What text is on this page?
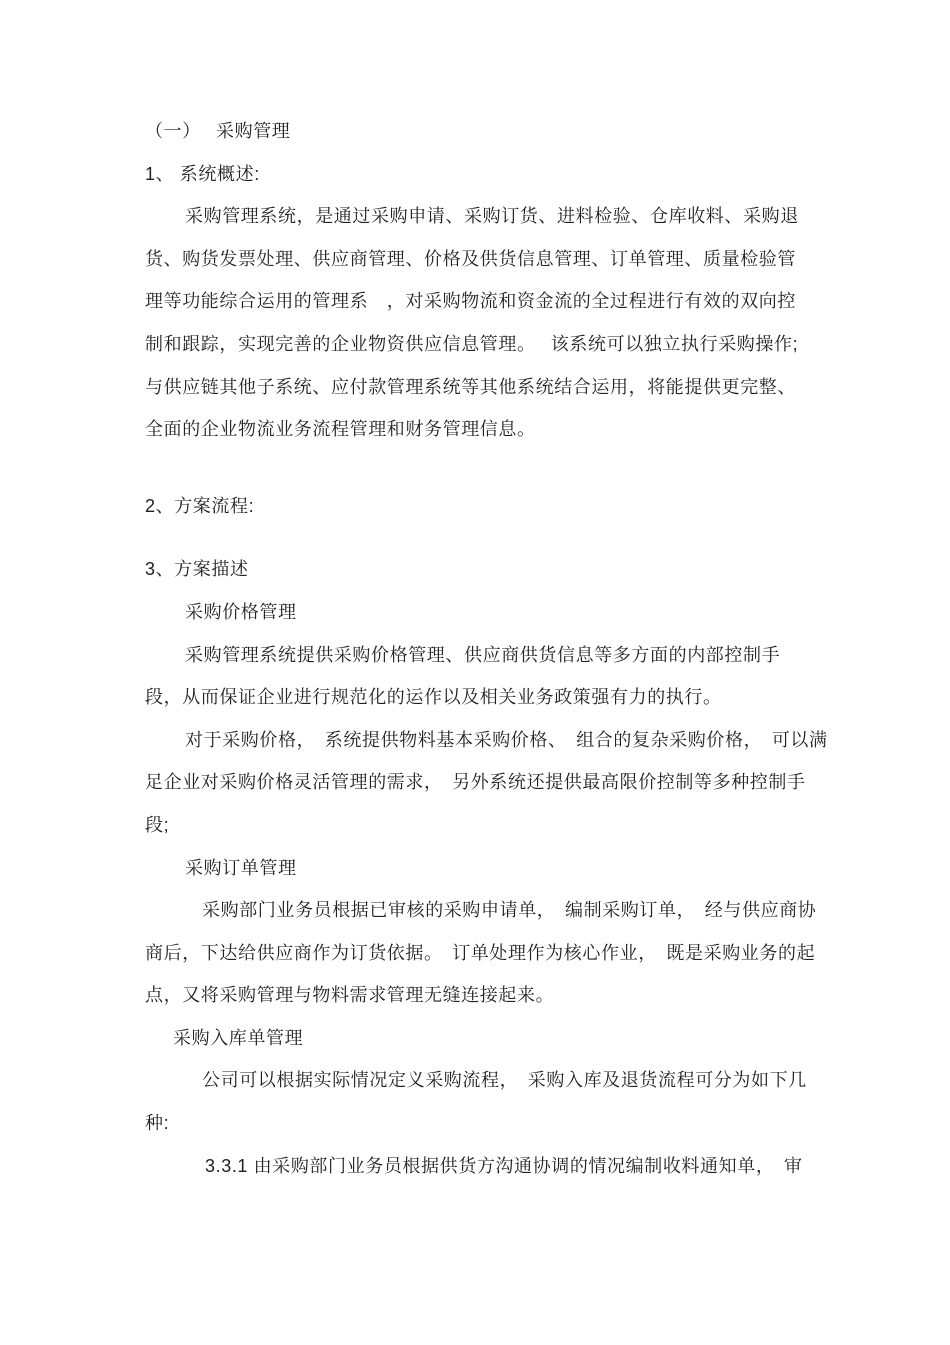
（一）　 采购管理
1、 系统概述:
采购管理系统，是通过采购申请、采购订货、进料检验、仓库收料、采购退
货、购货发票处理、供应商管理、价格及供货信息管理、订单管理、质量检验管
理等功能综合运用的管理系　，对采购物流和资金流的全过程进行有效的双向控
制和跟踪，实现完善的企业物资供应信息管理。　 该系统可以独立执行采购操作;
与供应链其他子系统、应付款管理系统等其他系统结合运用，将能提供更完整、
全面的企业物流业务流程管理和财务管理信息。
2、方案流程:
3、方案描述
采购价格管理
采购管理系统提供采购价格管理、供应商供货信息等多方面的内部控制手
段，从而保证企业进行规范化的运作以及相关业务政策强有力的执行。
对于采购价格，　系统提供物料基本采购价格、　组合的复杂采购价格，　可以满
足企业对采购价格灵活管理的需求，　另外系统还提供最高限价控制等多种控制手
段;
采购订单管理
采购部门业务员根据已审核的采购申请单，　编制采购订单，　经与供应商协
商后，下达给供应商作为订货依据。　订单处理作为核心作业，　既是采购业务的起
点，又将采购管理与物料需求管理无缝连接起来。
采购入库单管理
公司可以根据实际情况定义采购流程，　采购入库及退货流程可分为如下几
种:
3.3.1 由采购部门业务员根据供货方沟通协调的情况编制收料通知单，　审
